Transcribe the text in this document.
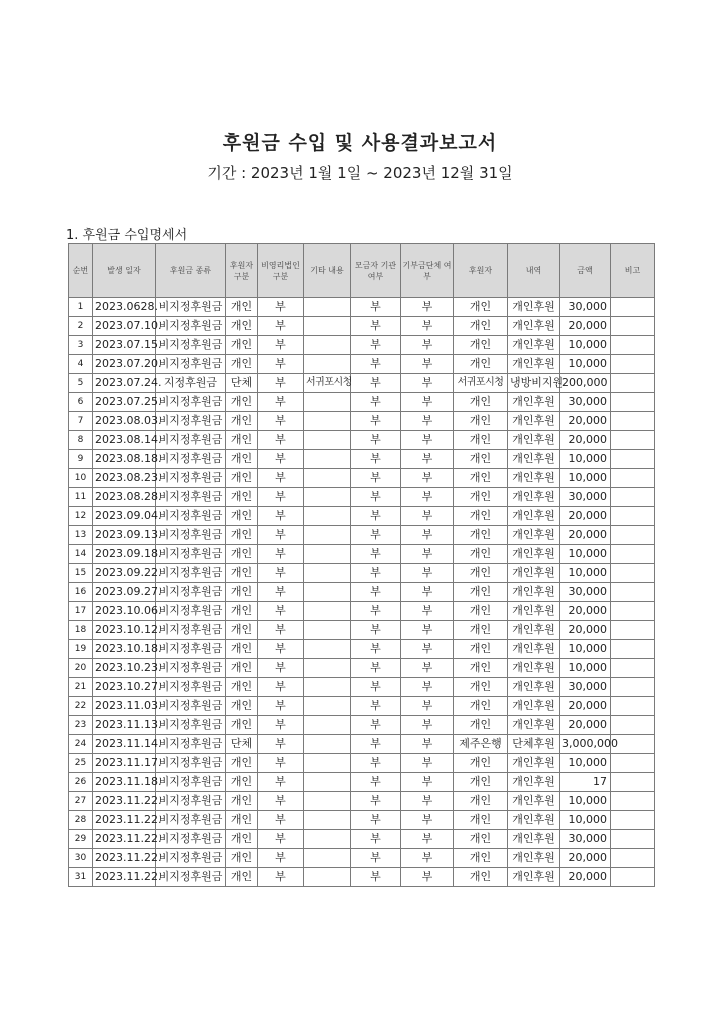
후원금 수입 및 사용결과보고서
기간 : 2023년 1월 1일 ~ 2023년 12월 31일
1. 후원금 수입명세서
순번	발생 일자	후원금 종류	후원자 구분	비영리법인 구분	기타 내용	모금자 기관여부	기부금단체 여부	후원자	내역	금액	비고
1	2023.0628.	비지정후원금	개인	부		부	부	개인	개인후원	30,000	
2	2023.07.10.	비지정후원금	개인	부		부	부	개인	개인후원	20,000	
3	2023.07.15.	비지정후원금	개인	부		부	부	개인	개인후원	10,000	
4	2023.07.20.	비지정후원금	개인	부		부	부	개인	개인후원	10,000	
5	2023.07.24.	지정후원금	단체	부	서귀포시청	부	부	서귀포시청	냉방비지원	200,000	
6	2023.07.25.	비지정후원금	개인	부		부	부	개인	개인후원	30,000	
7	2023.08.03.	비지정후원금	개인	부		부	부	개인	개인후원	20,000	
8	2023.08.14.	비지정후원금	개인	부		부	부	개인	개인후원	20,000	
9	2023.08.18.	비지정후원금	개인	부		부	부	개인	개인후원	10,000	
10	2023.08.23.	비지정후원금	개인	부		부	부	개인	개인후원	10,000	
11	2023.08.28.	비지정후원금	개인	부		부	부	개인	개인후원	30,000	
12	2023.09.04.	비지정후원금	개인	부		부	부	개인	개인후원	20,000	
13	2023.09.13.	비지정후원금	개인	부		부	부	개인	개인후원	20,000	
14	2023.09.18.	비지정후원금	개인	부		부	부	개인	개인후원	10,000	
15	2023.09.22.	비지정후원금	개인	부		부	부	개인	개인후원	10,000	
16	2023.09.27.	비지정후원금	개인	부		부	부	개인	개인후원	30,000	
17	2023.10.06.	비지정후원금	개인	부		부	부	개인	개인후원	20,000	
18	2023.10.12.	비지정후원금	개인	부		부	부	개인	개인후원	20,000	
19	2023.10.18.	비지정후원금	개인	부		부	부	개인	개인후원	10,000	
20	2023.10.23.	비지정후원금	개인	부		부	부	개인	개인후원	10,000	
21	2023.10.27.	비지정후원금	개인	부		부	부	개인	개인후원	30,000	
22	2023.11.03.	비지정후원금	개인	부		부	부	개인	개인후원	20,000	
23	2023.11.13.	비지정후원금	개인	부		부	부	개인	개인후원	20,000	
24	2023.11.14.	비지정후원금	단체	부		부	부	제주은행	단체후원	3,000,000	
25	2023.11.17.	비지정후원금	개인	부		부	부	개인	개인후원	10,000	
26	2023.11.18.	비지정후원금	개인	부		부	부	개인	개인후원	17	
27	2023.11.22.	비지정후원금	개인	부		부	부	개인	개인후원	10,000	
28	2023.11.22.	비지정후원금	개인	부		부	부	개인	개인후원	10,000	
29	2023.11.22.	비지정후원금	개인	부		부	부	개인	개인후원	30,000	
30	2023.11.22.	비지정후원금	개인	부		부	부	개인	개인후원	20,000	
31	2023.11.22.	비지정후원금	개인	부		부	부	개인	개인후원	20,000	
